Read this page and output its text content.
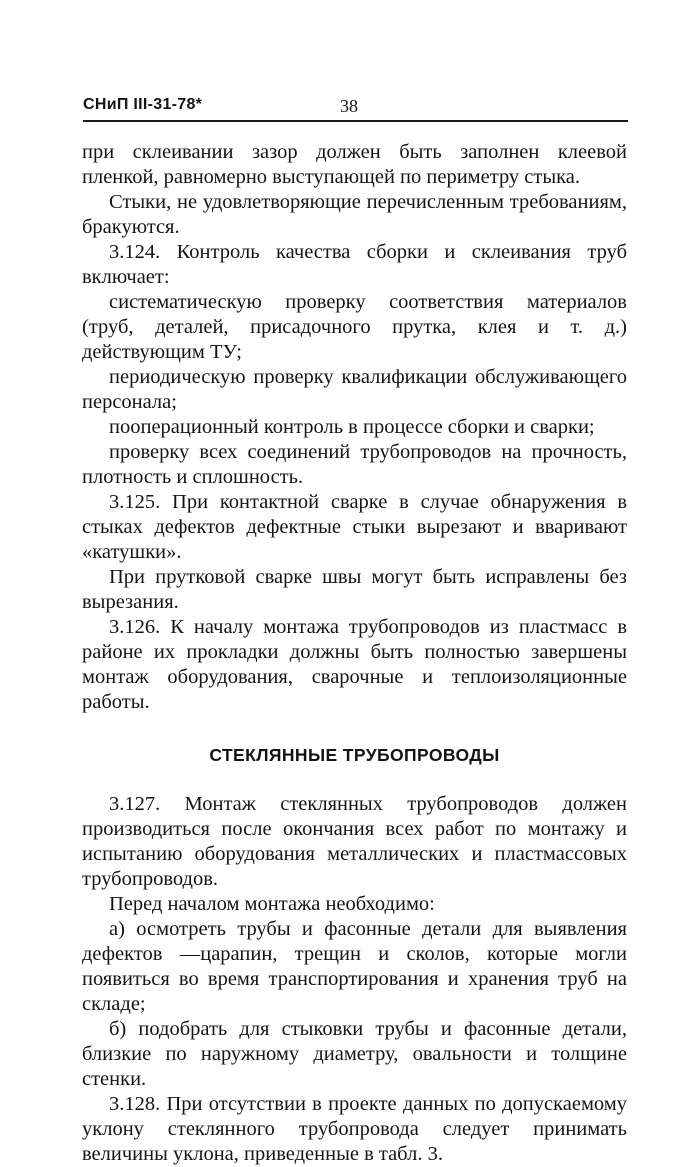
СНиП III-31-78*	38

при склеивании зазор должен быть заполнен клеевой пленкой, равномерно выступающей по периметру стыка.

Стыки, не удовлетворяющие перечисленным требованиям, бракуются.

3.124. Контроль качества сборки и склеивания труб включает:

систематическую проверку соответствия материалов (труб, деталей, присадочного прутка, клея и т. д.) действующим ТУ;

периодическую проверку квалификации обслуживающего персонала;

пооперационный контроль в процессе сборки и сварки;

проверку всех соединений трубопроводов на прочность, плотность и сплошность.

3.125. При контактной сварке в случае обнаружения в стыках дефектов дефектные стыки вырезают и вваривают «катушки».

При прутковой сварке швы могут быть исправлены без вырезания.

3.126. К началу монтажа трубопроводов из пластмасс в районе их прокладки должны быть полностью завершены монтаж оборудования, сварочные и теплоизоляционные работы.

СТЕКЛЯННЫЕ ТРУБОПРОВОДЫ

3.127. Монтаж стеклянных трубопроводов должен производиться после окончания всех работ по монтажу и испытанию оборудования металлических и пластмассовых трубопроводов.

Перед началом монтажа необходимо:

а) осмотреть трубы и фасонные детали для выявления дефектов —царапин, трещин и сколов, которые могли появиться во время транспортирования и хранения труб на складе;

б) подобрать для стыковки трубы и фасонные детали, близкие по наружному диаметру, овальности и толщине стенки.

3.128. При отсутствии в проекте данных по допускаемому уклону стеклянного трубопровода следует принимать величины уклона, приведенные в табл. 3.
